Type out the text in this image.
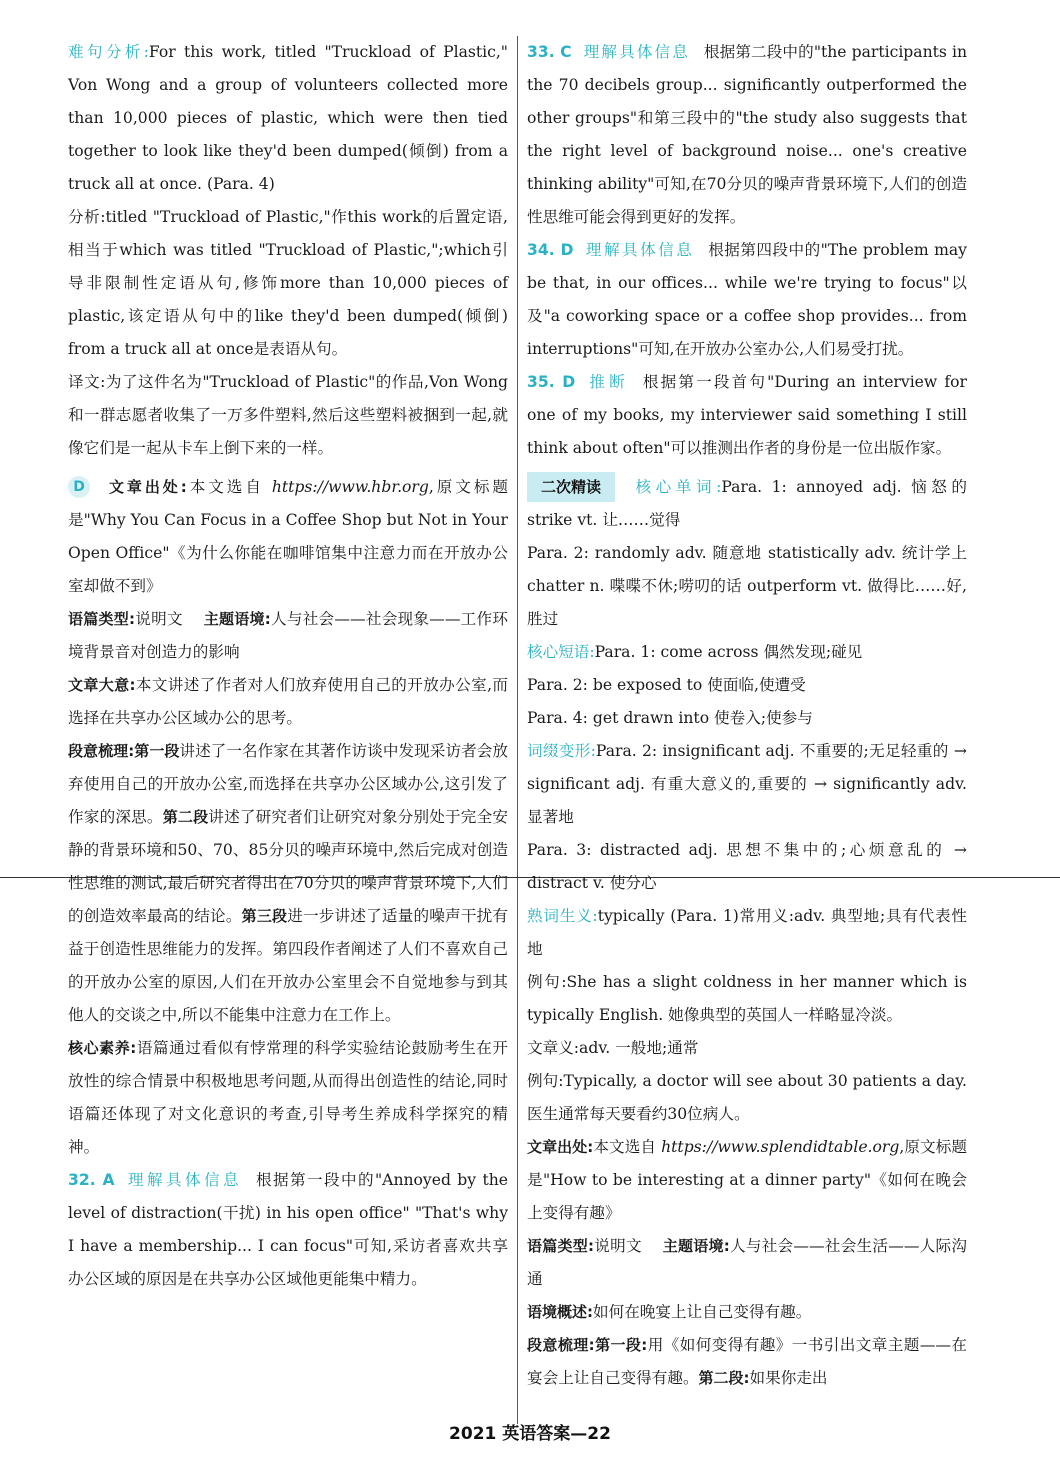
难句分析:For this work, titled "Truckload of Plastic," Von Wong and a group of volunteers collected more than 10,000 pieces of plastic, which were then tied together to look like they'd been dumped(倾倒) from a truck all at once. (Para. 4)

分析:titled "Truckload of Plastic,"作this work的后置定语,相当于which was titled "Truckload of Plastic,";which引导非限制性定语从句,修饰more than 10,000 pieces of plastic,该定语从句中的like they'd been dumped(倾倒) from a truck all at once是表语从句。

译文:为了这件名为"Truckload of Plastic"的作品,Von Wong和一群志愿者收集了一万多件塑料,然后这些塑料被捆到一起,就像它们是一起从卡车上倒下来的一样。

D 文章出处:本文选自 https://www.hbr.org,原文标题是"Why You Can Focus in a Coffee Shop but Not in Your Open Office"《为什么你能在咖啡馆集中注意力而在开放办公室却做不到》

语篇类型:说明文 主题语境:人与社会——社会现象——工作环境背景音对创造力的影响

文章大意:本文讲述了作者对人们放弃使用自己的开放办公室,而选择在共享办公区域办公的思考。

段意梳理:第一段讲述了一名作家在其著作访谈中发现采访者会放弃使用自己的开放办公室,而选择在共享办公区域办公,这引发了作家的深思。第二段讲述了研究者们让研究对象分别处于完全安静的背景环境和50、70、85分贝的噪声环境中,然后完成对创造性思维的测试,最后研究者得出在70分贝的噪声背景环境下,人们的创造效率最高的结论。第三段进一步讲述了适量的噪声干扰有益于创造性思维能力的发挥。第四段作者阐述了人们不喜欢自己的开放办公室的原因,人们在开放办公室里会不自觉地参与到其他人的交谈之中,所以不能集中注意力在工作上。

核心素养:语篇通过看似有悖常理的科学实验结论鼓励考生在开放性的综合情景中积极地思考问题,从而得出创造性的结论,同时语篇还体现了对文化意识的考查,引导考生养成科学探究的精神。

32. A 理解具体信息 根据第一段中的"Annoyed by the level of distraction(干扰) in his open office" "That's why I have a membership... I can focus"可知,采访者喜欢共享办公区域的原因是在共享办公区域他更能集中精力。

33. C 理解具体信息 根据第二段中的"the participants in the 70 decibels group... significantly outperformed the other groups"和第三段中的"the study also suggests that the right level of background noise... one's creative thinking ability"可知,在70分贝的噪声背景环境下,人们的创造性思维可能会得到更好的发挥。

34. D 理解具体信息 根据第四段中的"The problem may be that, in our offices... while we're trying to focus"以及"a coworking space or a coffee shop provides... from interruptions"可知,在开放办公室办公,人们易受打扰。

35. D 推断 根据第一段首句"During an interview for one of my books, my interviewer said something I still think about often"可以推测出作者的身份是一位出版作家。

二次精读 核心单词:Para. 1: annoyed adj. 恼怒的 strike vt. 让……觉得

Para. 2: randomly adv. 随意地 statistically adv. 统计学上 chatter n. 喋喋不休;唠叨的话 outperform vt. 做得比……好,胜过

核心短语:Para. 1: come across 偶然发现;碰见

Para. 2: be exposed to 使面临,使遭受

Para. 4: get drawn into 使卷入;使参与

词缀变形:Para. 2: insignificant adj. 不重要的;无足轻重的 → significant adj. 有重大意义的,重要的 → significantly adv. 显著地

Para. 3: distracted adj. 思想不集中的;心烦意乱的 → distract v. 使分心

熟词生义:typically (Para. 1)常用义:adv. 典型地;具有代表性地

例句:She has a slight coldness in her manner which is typically English. 她像典型的英国人一样略显冷淡。

文章义:adv. 一般地;通常

例句:Typically, a doctor will see about 30 patients a day. 医生通常每天要看约30位病人。

文章出处:本文选自 https://www.splendidtable.org,原文标题是"How to be interesting at a dinner party"《如何在晚会上变得有趣》

语篇类型:说明文 主题语境:人与社会——社会生活——人际沟通

语境概述:如何在晚宴上让自己变得有趣。

段意梳理:第一段:用《如何变得有趣》一书引出文章主题——在宴会上让自己变得有趣。第二段:如果你走出

2021 英语答案—22
